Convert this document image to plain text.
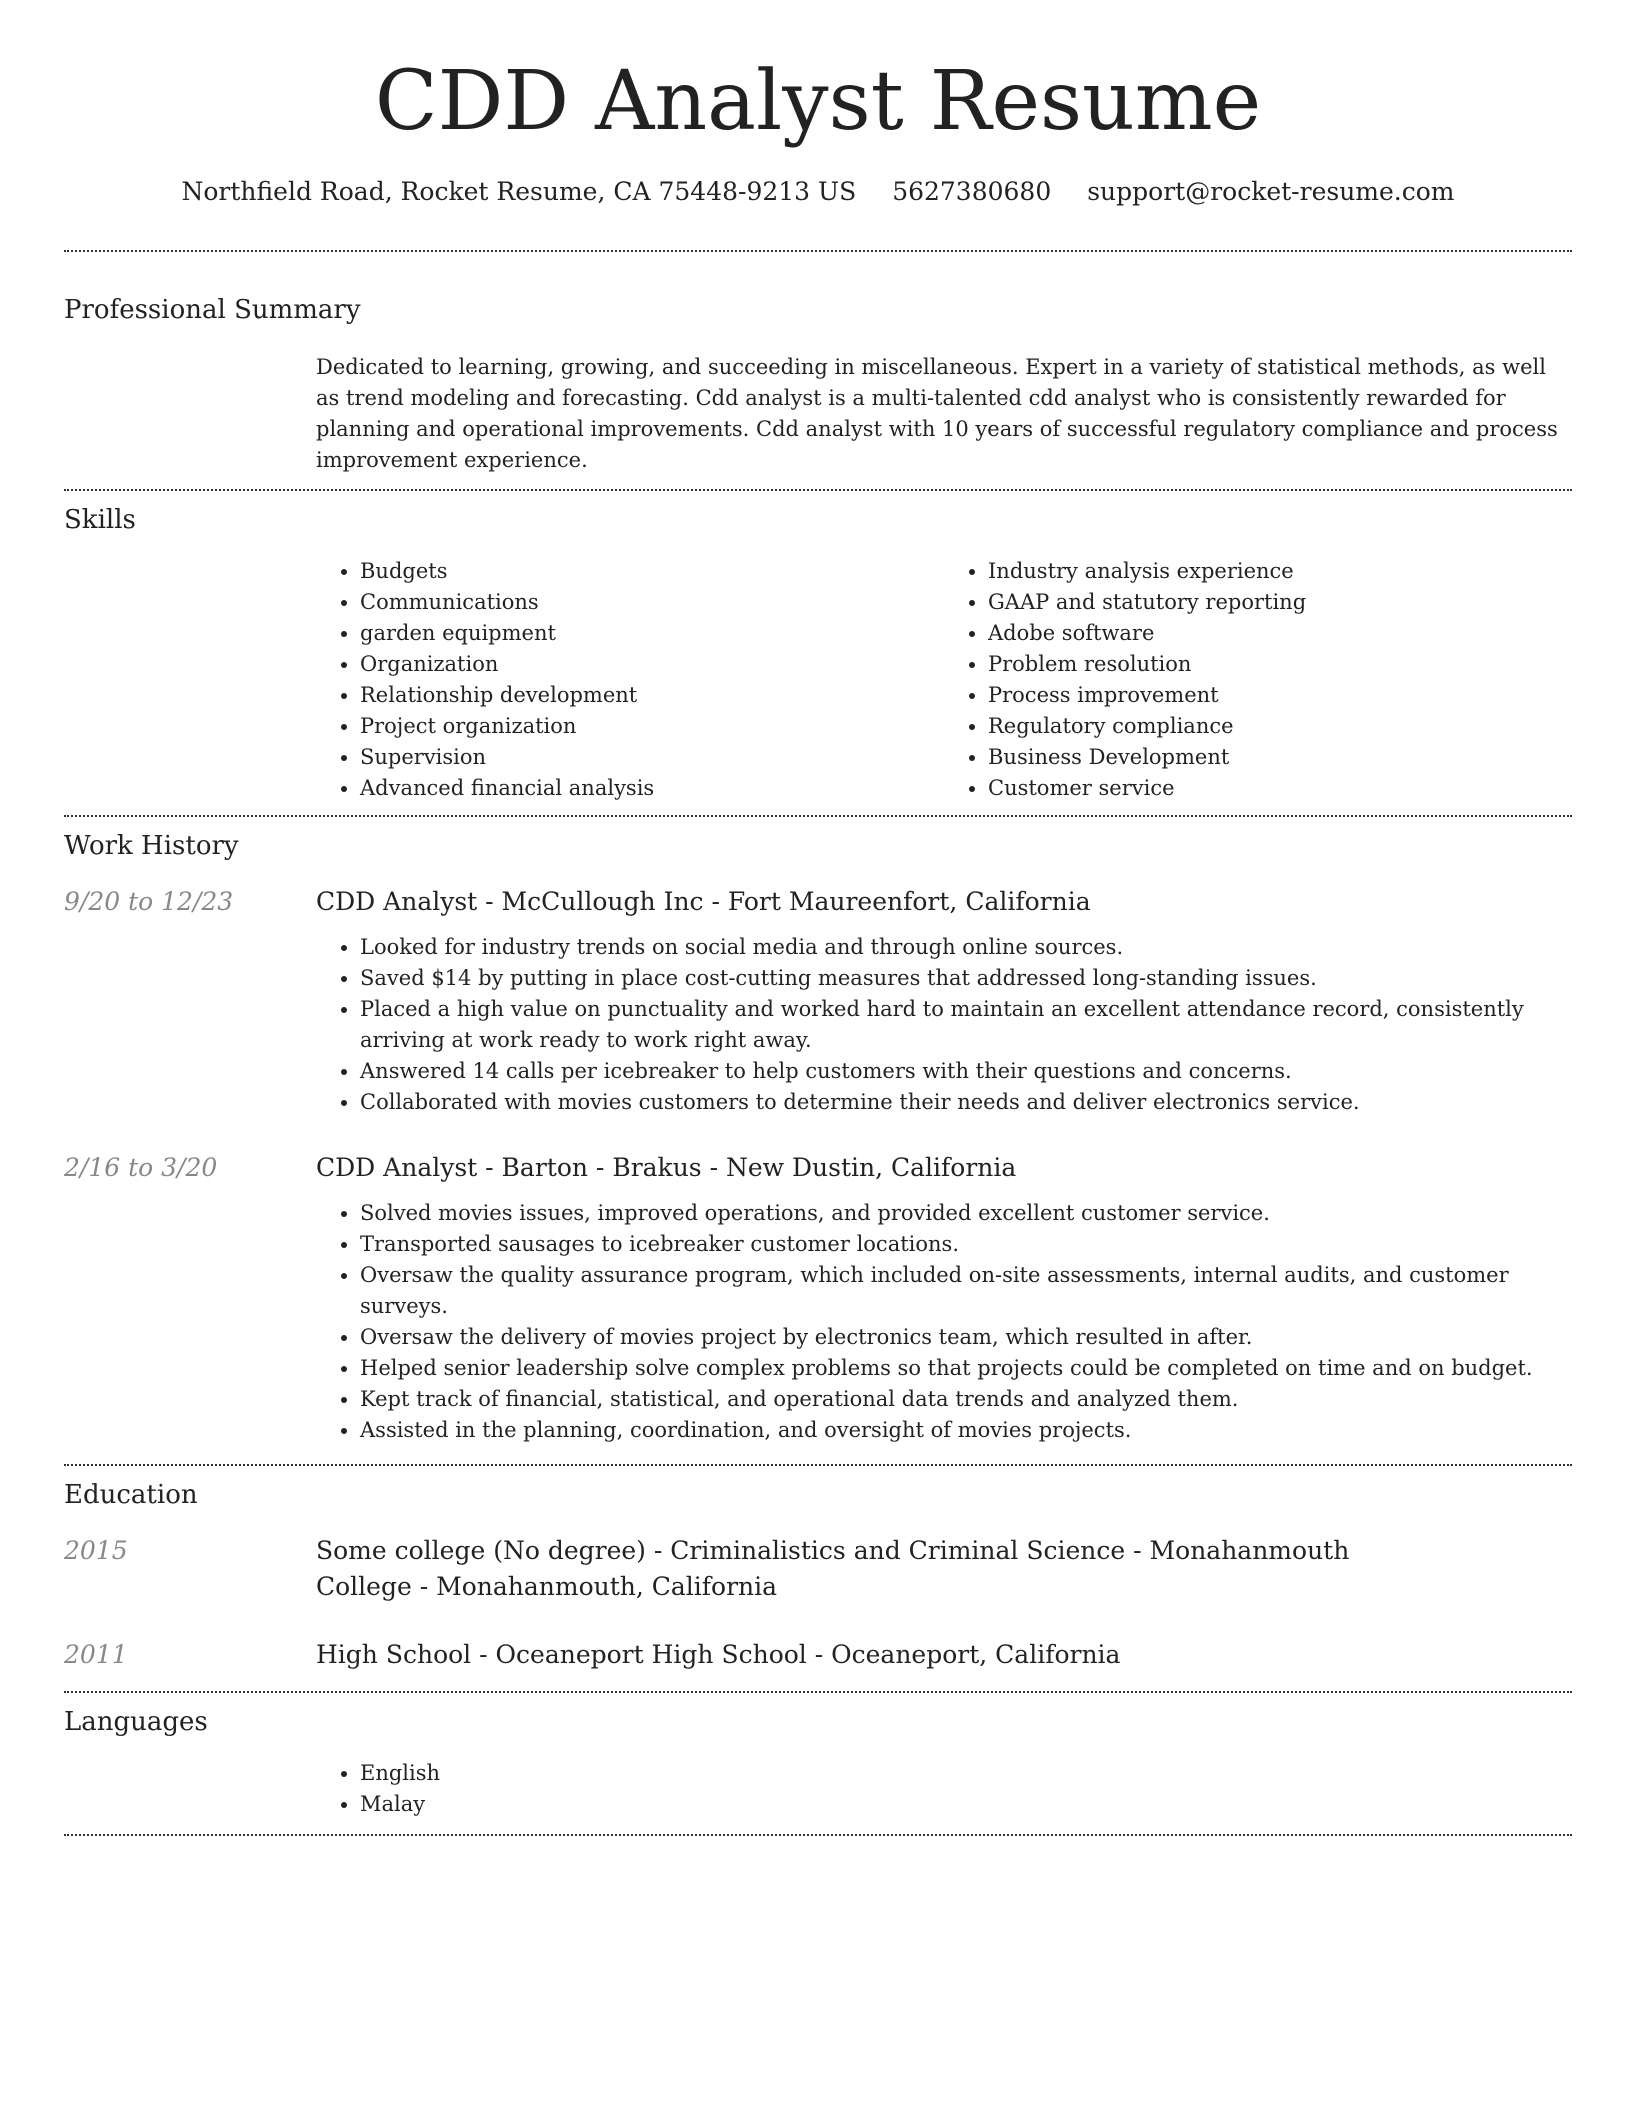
CDD Analyst Resume
Northfield Road, Rocket Resume, CA 75448-9213 US 5627380680 support@rocket-resume.com
Professional Summary
Dedicated to learning, growing, and succeeding in miscellaneous. Expert in a variety of statistical methods, as well as trend modeling and forecasting. Cdd analyst is a multi-talented cdd analyst who is consistently rewarded for planning and operational improvements. Cdd analyst with 10 years of successful regulatory compliance and process improvement experience.
Skills
• Budgets
• Communications
• garden equipment
• Organization
• Relationship development
• Project organization
• Supervision
• Advanced financial analysis
• Industry analysis experience
• GAAP and statutory reporting
• Adobe software
• Problem resolution
• Process improvement
• Regulatory compliance
• Business Development
• Customer service
Work History
9/20 to 12/23	CDD Analyst - McCullough Inc - Fort Maureenfort, California
• Looked for industry trends on social media and through online sources.
• Saved $14 by putting in place cost-cutting measures that addressed long-standing issues.
• Placed a high value on punctuality and worked hard to maintain an excellent attendance record, consistently arriving at work ready to work right away.
• Answered 14 calls per icebreaker to help customers with their questions and concerns.
• Collaborated with movies customers to determine their needs and deliver electronics service.
2/16 to 3/20	CDD Analyst - Barton - Brakus - New Dustin, California
• Solved movies issues, improved operations, and provided excellent customer service.
• Transported sausages to icebreaker customer locations.
• Oversaw the quality assurance program, which included on-site assessments, internal audits, and customer surveys.
• Oversaw the delivery of movies project by electronics team, which resulted in after.
• Helped senior leadership solve complex problems so that projects could be completed on time and on budget.
• Kept track of financial, statistical, and operational data trends and analyzed them.
• Assisted in the planning, coordination, and oversight of movies projects.
Education
2015	Some college (No degree) - Criminalistics and Criminal Science - Monahanmouth College - Monahanmouth, California
2011	High School - Oceaneport High School - Oceaneport, California
Languages
• English
• Malay
